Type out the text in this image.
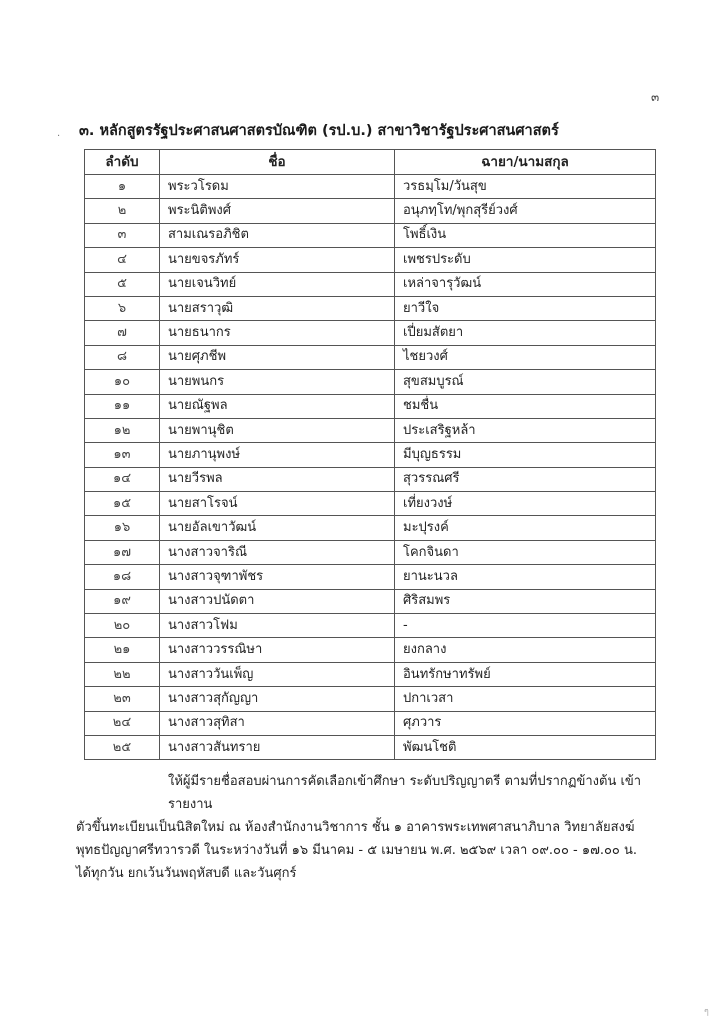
๓
. ๓. หลักสูตรรัฐประศาสนศาสตรบัณฑิต (รป.บ.) สาขาวิชารัฐประศาสนศาสตร์
ลำดับ	ชื่อ	ฉายา/นามสกุล
๑	พระวโรดม	วรธมฺโม/วันสุข
๒	พระนิติพงศ์	อนุภทฺโท/พุกสุรีย์วงศ์
๓	สามเณรอภิชิต	โพธิ์เงิน
๔	นายขจรภัทร์	เพชรประดับ
๕	นายเจนวิทย์	เหล่าจารุวัฒน์
๖	นายสราวุฒิ	ยาวีใจ
๗	นายธนากร	เปี่ยมสัตยา
๘	นายศุภชีพ	ไชยวงศ์
๑๐	นายพนกร	สุขสมบูรณ์
๑๑	นายณัฐพล	ชมชื่น
๑๒	นายพานุชิต	ประเสริฐหล้า
๑๓	นายภานุพงษ์	มีบุญธรรม
๑๔	นายวีรพล	สุวรรณศรี
๑๕	นายสาโรจน์	เที่ยงวงษ์
๑๖	นายอัลเขาวัฒน์	มะปุรงค์
๑๗	นางสาวจาริณี	โคกจินดา
๑๘	นางสาวจุฑาพัชร	ยานะนวล
๑๙	นางสาวปนัดตา	ศิริสมพร
๒๐	นางสาวโฟม	-
๒๑	นางสาววรรณิษา	ยงกลาง
๒๒	นางสาววันเพ็ญ	อินทรักษาทรัพย์
๒๓	นางสาวสุกัญญา	ปกาเวสา
๒๔	นางสาวสุทิสา	ศุภวาร
๒๕	นางสาวสันทราย	พัฒนโชติ

ให้ผู้มีรายชื่อสอบผ่านการคัดเลือกเข้าศึกษา ระดับปริญญาตรี ตามที่ปรากฏข้างต้น เข้ารายงาน

ตัวขึ้นทะเบียนเป็นนิสิตใหม่ ณ ห้องสำนักงานวิชาการ ชั้น ๑ อาคารพระเทพศาสนาภิบาล วิทยาลัยสงฆ์

พุทธปัญญาศรีทวารวดี ในระหว่างวันที่ ๑๖ มีนาคม - ๕ เมษายน พ.ศ. ๒๕๖๙ เวลา ๐๙.๐๐ - ๑๗.๐๐ น.

ได้ทุกวัน ยกเว้นวันพฤหัสบดี และวันศุกร์

ๆ
